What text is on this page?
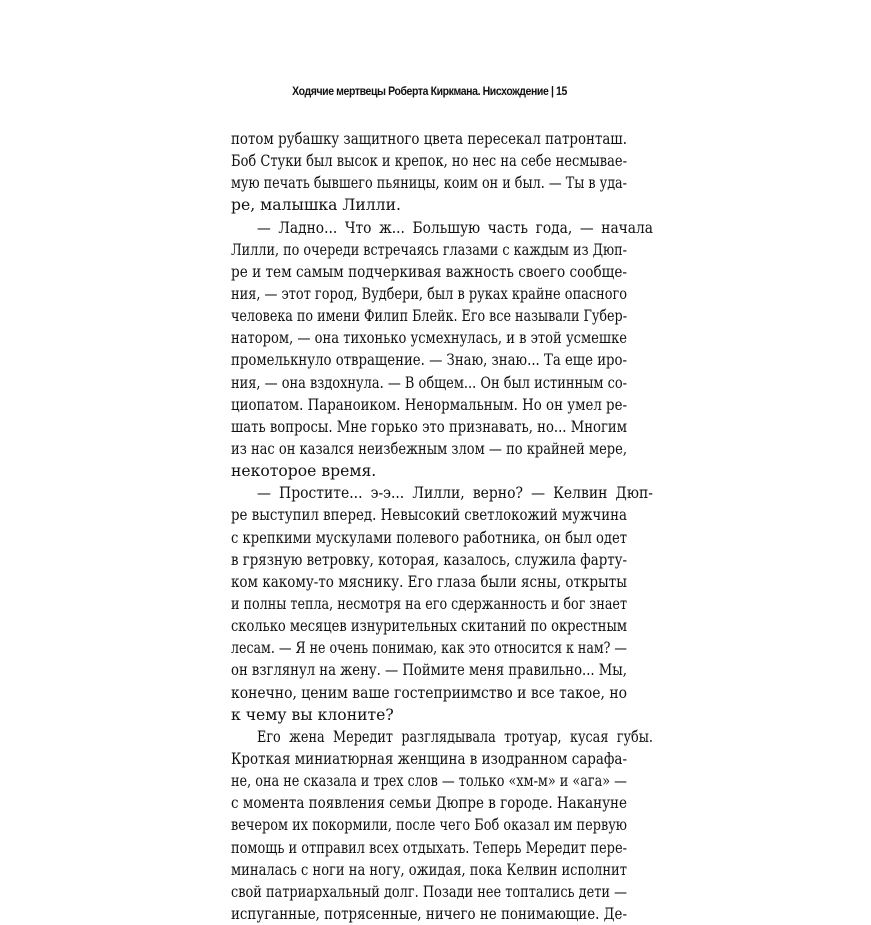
Ходячие мертвецы Роберта Киркмана. Нисхождение | 15
потом рубашку защитного цвета пересекал патронташ.
Боб Стуки был высок и крепок, но нес на себе несмывае-
мую печать бывшего пьяницы, коим он и был. — Ты в уда-
ре, малышка Лилли.
— Ладно... Что ж... Большую часть года, — начала
Лилли, по очереди встречаясь глазами с каждым из Дюп-
ре и тем самым подчеркивая важность своего сообще-
ния, — этот город, Вудбери, был в руках крайне опасного
человека по имени Филип Блейк. Его все называли Губер-
натором, — она тихонько усмехнулась, и в этой усмешке
промелькнуло отвращение. — Знаю, знаю... Та еще иро-
ния, — она вздохнула. — В общем... Он был истинным со-
циопатом. Параноиком. Ненормальным. Но он умел ре-
шать вопросы. Мне горько это признавать, но... Многим
из нас он казался неизбежным злом — по крайней мере,
некоторое время.
— Простите... э-э... Лилли, верно? — Келвин Дюп-
ре выступил вперед. Невысокий светлокожий мужчина
с крепкими мускулами полевого работника, он был одет
в грязную ветровку, которая, казалось, служила фарту-
ком какому-то мяснику. Его глаза были ясны, открыты
и полны тепла, несмотря на его сдержанность и бог знает
сколько месяцев изнурительных скитаний по окрестным
лесам. — Я не очень понимаю, как это относится к нам? —
он взглянул на жену. — Поймите меня правильно... Мы,
конечно, ценим ваше гостеприимство и все такое, но
к чему вы клоните?
Его жена Мередит разглядывала тротуар, кусая губы.
Кроткая миниатюрная женщина в изодранном сарафа-
не, она не сказала и трех слов — только «хм-м» и «ага» —
с момента появления семьи Дюпре в городе. Накануне
вечером их покормили, после чего Боб оказал им первую
помощь и отправил всех отдыхать. Теперь Мередит пере-
миналась с ноги на ногу, ожидая, пока Келвин исполнит
свой патриархальный долг. Позади нее топтались дети —
испуганные, потрясенные, ничего не понимающие. Де-
